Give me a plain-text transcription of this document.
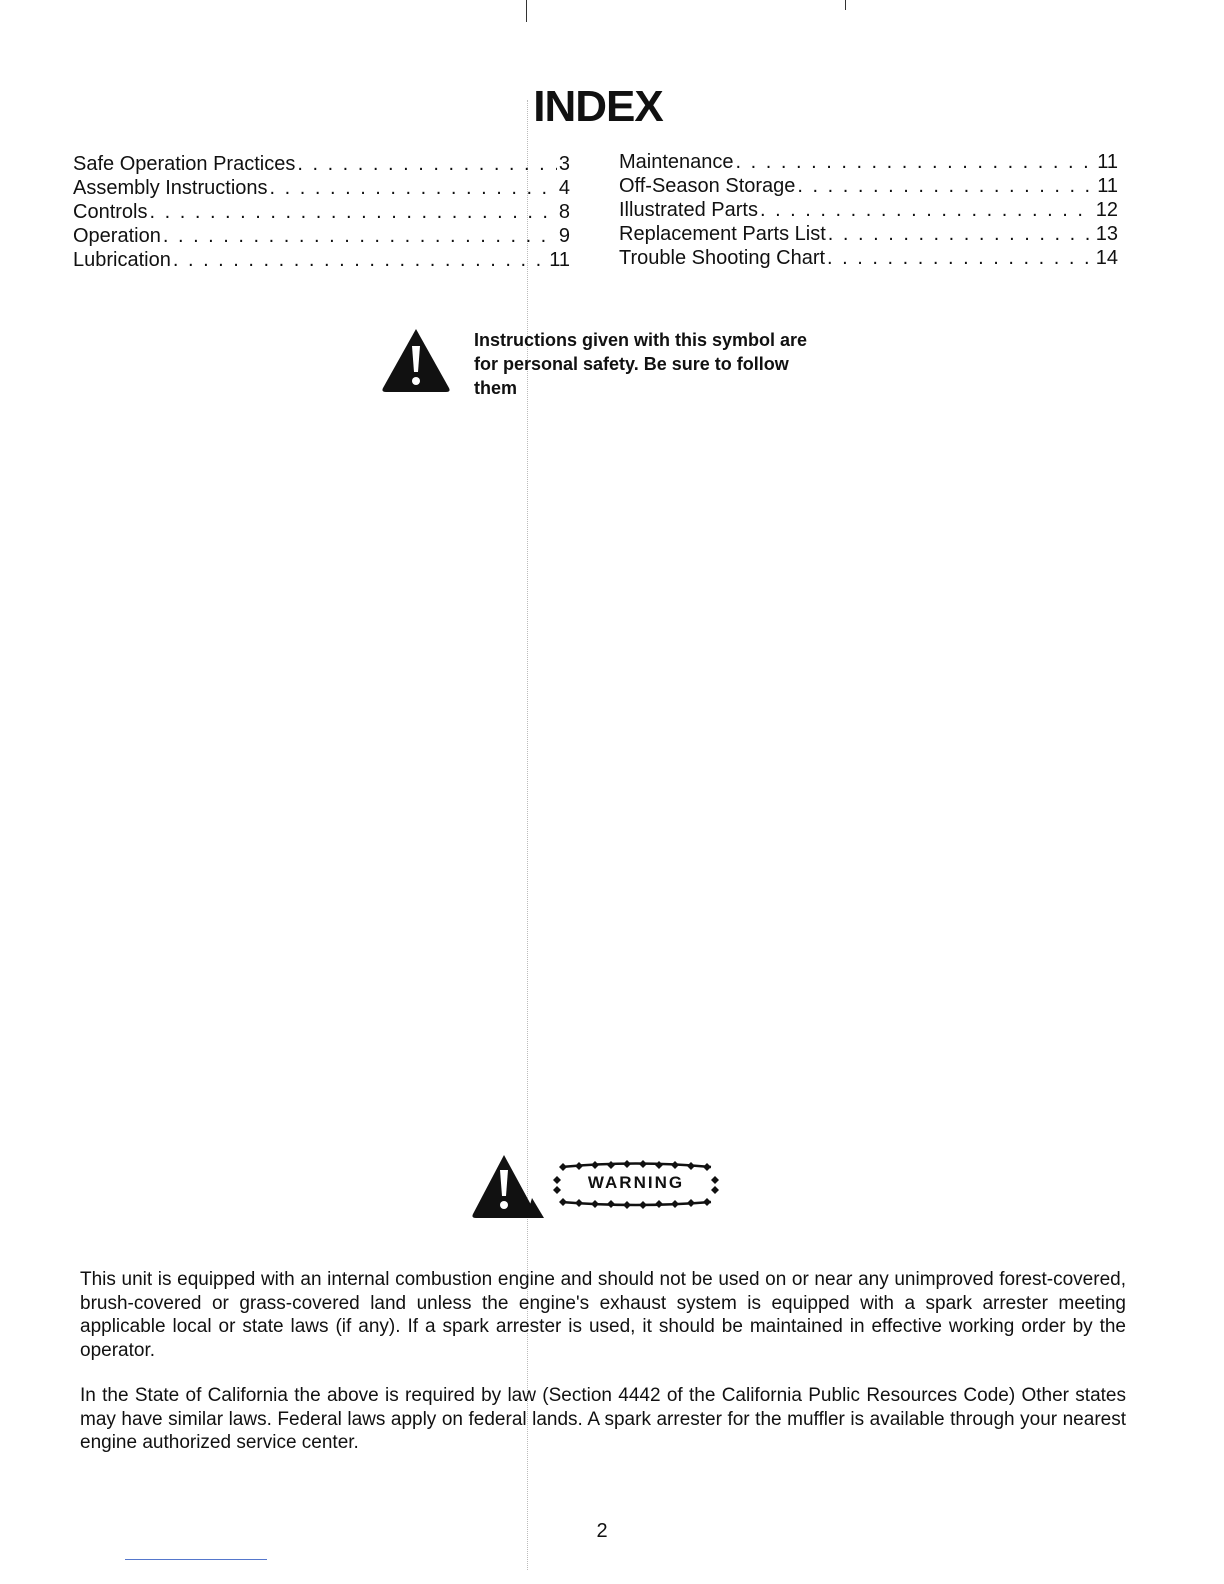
INDEX
Safe Operation Practices . . .	3
Assembly Instructions . . .	4
Controls . . .	8
Operation . . .	9
Lubrication . . .	11
Maintenance . . .	11
Off-Season Storage . . .	11
Illustrated Parts . . .	12
Replacement Parts List . . .	13
Trouble Shooting Chart . . .	14
Instructions given with this symbol are
for personal safety. Be sure to follow
them
WARNING
This unit is equipped with an internal combustion engine and should not be used on or near any unimproved forest-covered, brush-covered or grass-covered land unless the engine's exhaust system is equipped with a spark arrester meeting applicable local or state laws (if any). If a spark arrester is used, it should be maintained in effective working order by the operator.
In the State of California the above is required by law (Section 4442 of the California Public Resources Code) Other states may have similar laws. Federal laws apply on federal lands. A spark arrester for the muffler is available through your nearest engine authorized service center.
2
